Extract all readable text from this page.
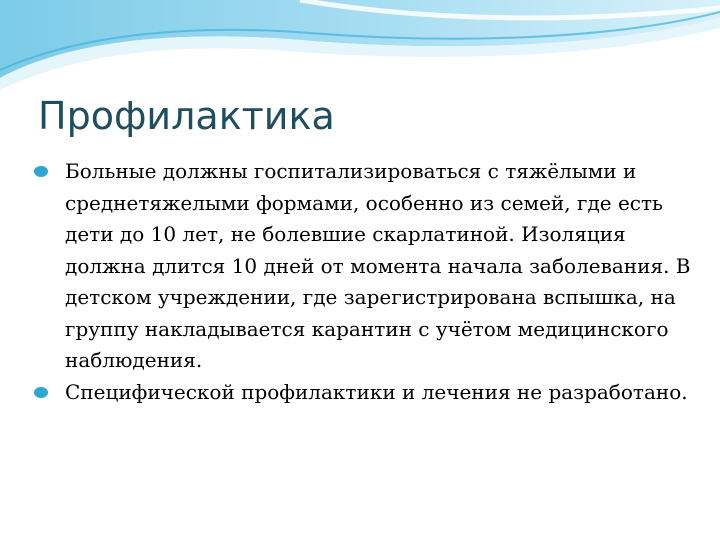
Профилактика
Больные должны госпитализироваться с тяжёлыми и среднетяжелыми формами, особенно из семей, где есть дети до 10 лет, не болевшие скарлатиной. Изоляция должна длится 10 дней от момента начала заболевания. В детском учреждении, где зарегистрирована вспышка, на группу накладывается карантин с учётом медицинского наблюдения.
Специфической профилактики и лечения не разработано.
